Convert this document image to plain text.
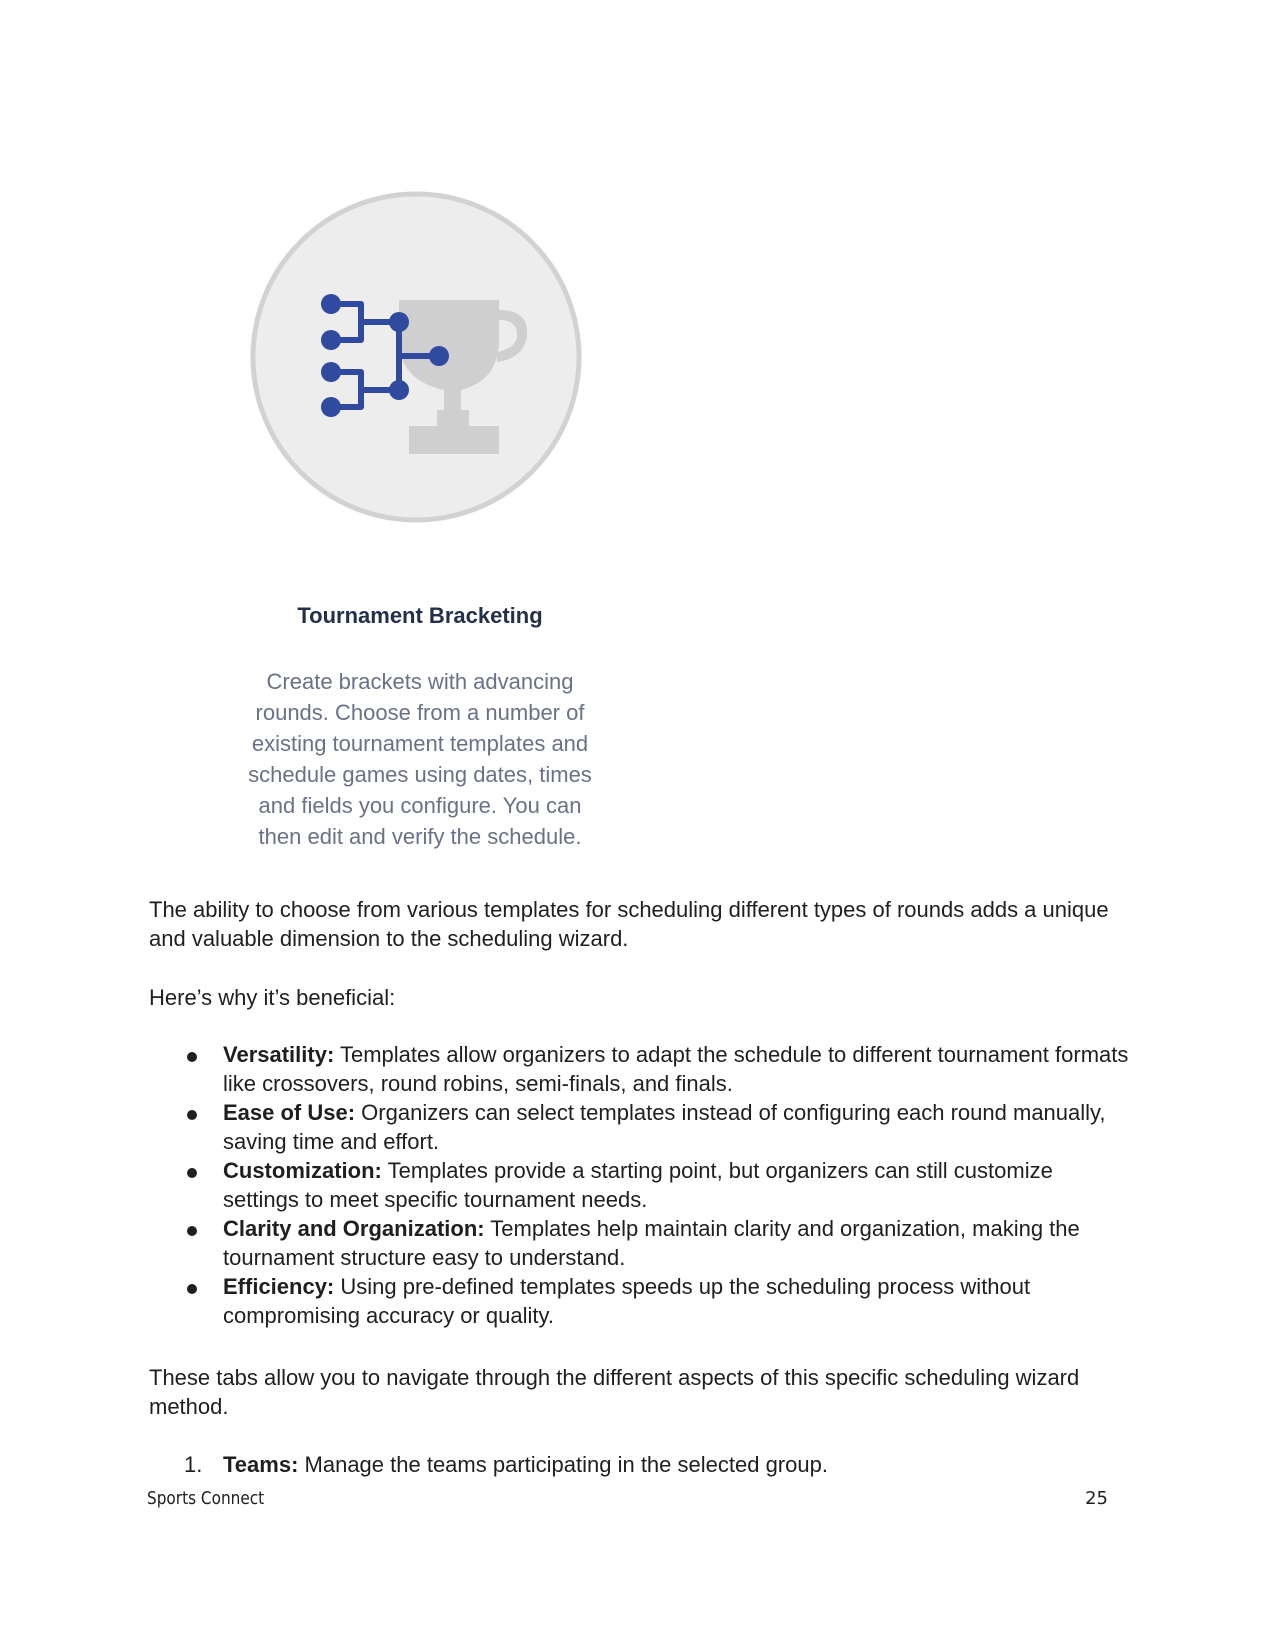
Tournament Bracketing
Create brackets with advancing
rounds. Choose from a number of
existing tournament templates and
schedule games using dates, times
and fields you configure. You can
then edit and verify the schedule.

The ability to choose from various templates for scheduling different types of rounds adds a unique and valuable dimension to the scheduling wizard.

Here’s why it’s beneficial:

Versatility: Templates allow organizers to adapt the schedule to different tournament formats like crossovers, round robins, semi-finals, and finals.
Ease of Use: Organizers can select templates instead of configuring each round manually, saving time and effort.
Customization: Templates provide a starting point, but organizers can still customize settings to meet specific tournament needs.
Clarity and Organization: Templates help maintain clarity and organization, making the tournament structure easy to understand.
Efficiency: Using pre-defined templates speeds up the scheduling process without compromising accuracy or quality.

These tabs allow you to navigate through the different aspects of this specific scheduling wizard method.

1. Teams: Manage the teams participating in the selected group.
Sports Connect	25
